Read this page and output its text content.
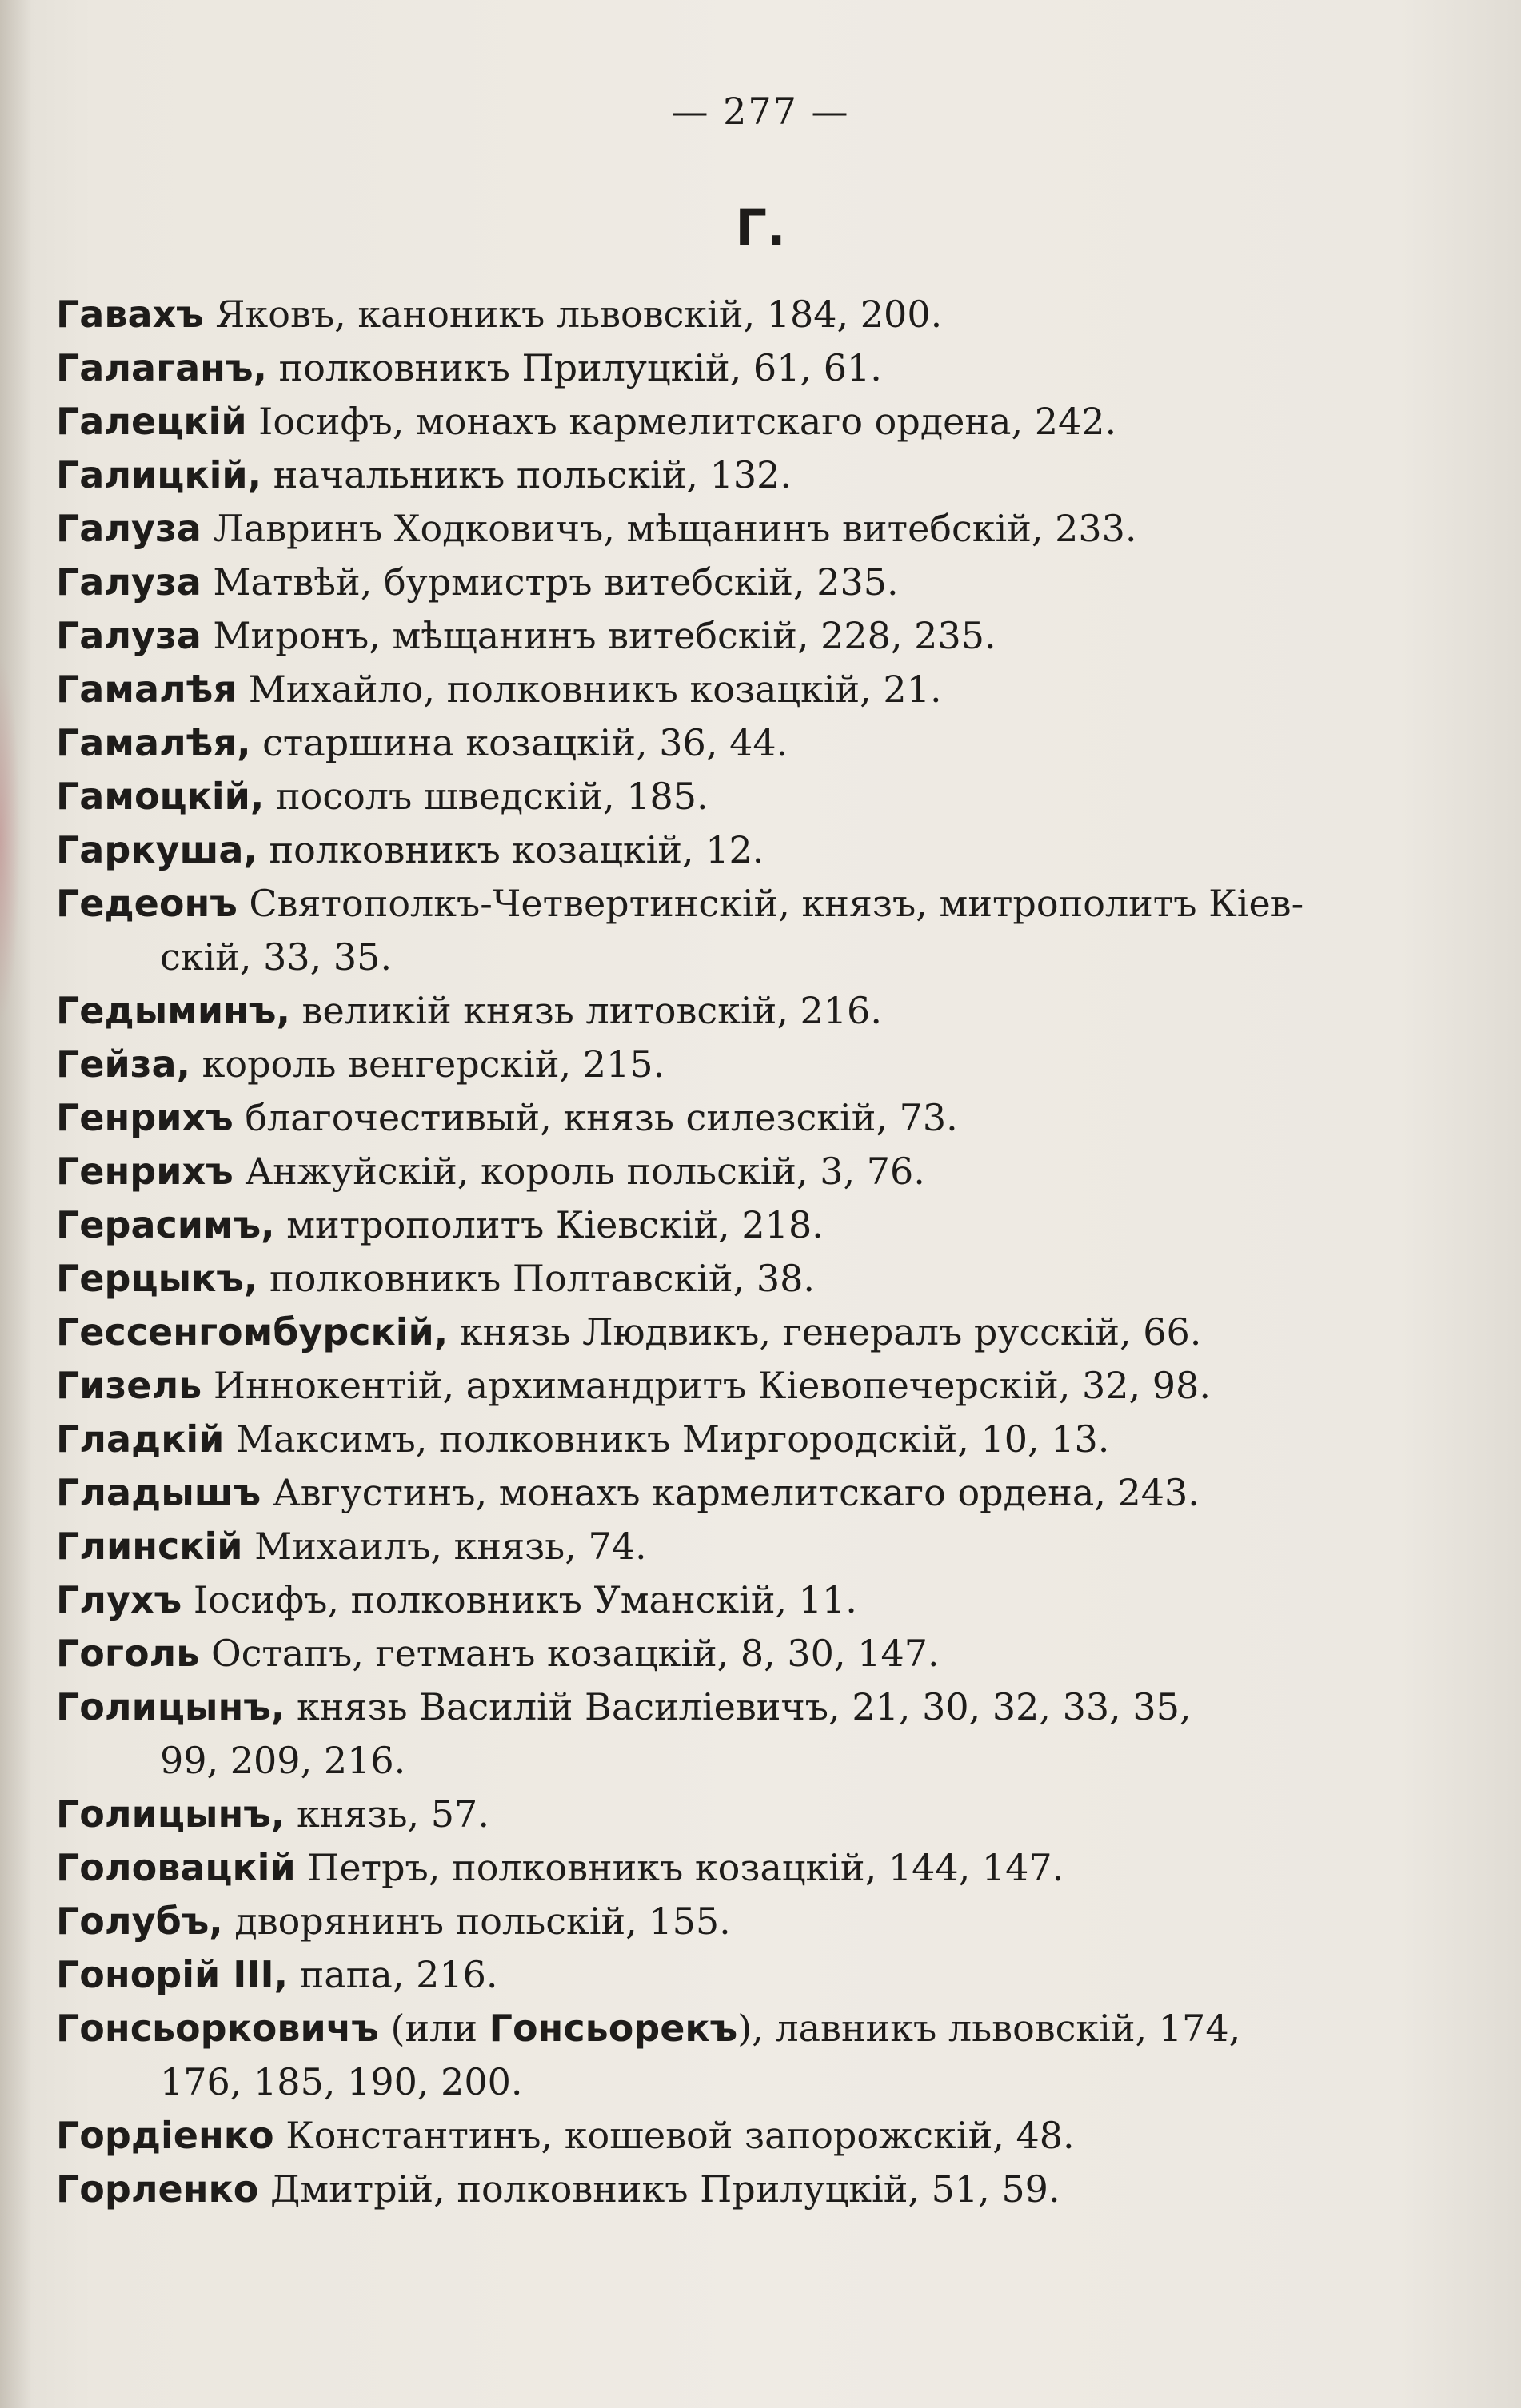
— 277 —
Г.

Гавахъ Яковъ, каноникъ львовскій, 184, 200.

Галаганъ, полковникъ Прилуцкій, 61, 61.

Галецкій Іосифъ, монахъ кармелитскаго ордена, 242.

Галицкій, начальникъ польскій, 132.

Галуза Лавринъ Ходковичъ, мѣщанинъ витебскій, 233.

Галуза Матвѣй, бурмистръ витебскій, 235.

Галуза Миронъ, мѣщанинъ витебскій, 228, 235.

Гамалѣя Михайло, полковникъ козацкій, 21.

Гамалѣя, старшина козацкій, 36, 44.

Гамоцкій, посолъ шведскій, 185.

Гаркуша, полковникъ козацкій, 12.

Гедеонъ Святополкъ-Четвертинскій, князъ, митрополитъ Кіев-

скій, 33, 35.

Гедыминъ, великій князь литовскій, 216.

Гейза, король венгерскій, 215.

Генрихъ благочестивый, князь силезскій, 73.

Генрихъ Анжуйскій, король польскій, 3, 76.

Герасимъ, митрополитъ Кіевскій, 218.

Герцыкъ, полковникъ Полтавскій, 38.

Гессенгомбурскій, князь Людвикъ, генералъ русскій, 66.

Гизель Иннокентій, архимандритъ Кіевопечерскій, 32, 98.

Гладкій Максимъ, полковникъ Миргородскій, 10, 13.

Гладышъ Августинъ, монахъ кармелитскаго ордена, 243.

Глинскій Михаилъ, князь, 74.

Глухъ Іосифъ, полковникъ Уманскій, 11.

Гоголь Остапъ, гетманъ козацкій, 8, 30, 147.

Голицынъ, князь Василій Василіевичъ, 21, 30, 32, 33, 35,

99, 209, 216.

Голицынъ, князь, 57.

Головацкій Петръ, полковникъ козацкій, 144, 147.

Голубъ, дворянинъ польскій, 155.

Гонорій III, папа, 216.

Гонсьорковичъ (или Гонсьорекъ), лавникъ львовскій, 174,

176, 185, 190, 200.

Гордіенко Константинъ, кошевой запорожскій, 48.

Горленко Дмитрій, полковникъ Прилуцкій, 51, 59.
